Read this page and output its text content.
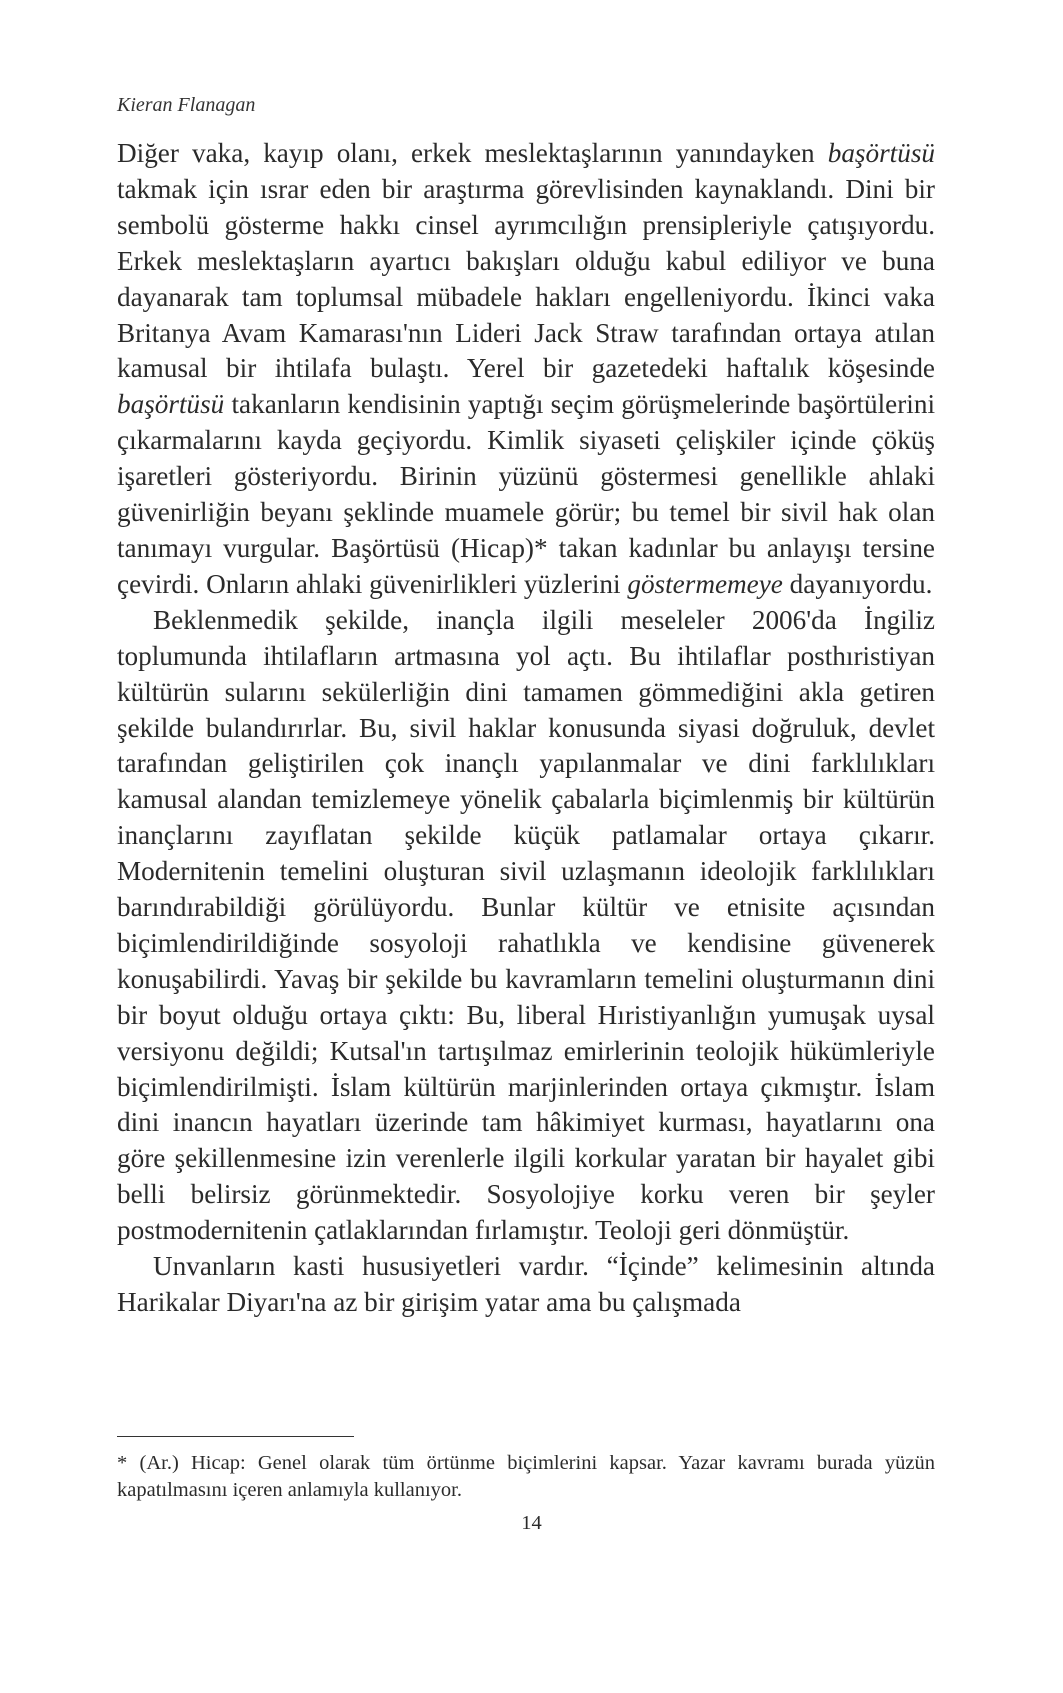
Kieran Flanagan

Diğer vaka, kayıp olanı, erkek meslektaşlarının yanındayken başörtüsü takmak için ısrar eden bir araştırma görevlisinden kaynaklandı. Dini bir sembolü gösterme hakkı cinsel ayrımcılığın prensipleriyle çatışıyordu. Erkek meslektaşların ayartıcı bakışları olduğu kabul ediliyor ve buna dayanarak tam toplumsal mübadele hakları engelleniyordu. İkinci vaka Britanya Avam Kamarası'nın Lideri Jack Straw tarafından ortaya atılan kamusal bir ihtilafa bulaştı. Yerel bir gazetedeki haftalık köşesinde başörtüsü takanların kendisinin yaptığı seçim görüşmelerinde başörtülerini çıkarmalarını kayda geçiyordu. Kimlik siyaseti çelişkiler içinde çöküş işaretleri gösteriyordu. Birinin yüzünü göstermesi genellikle ahlaki güvenirliğin beyanı şeklinde muamele görür; bu temel bir sivil hak olan tanımayı vurgular. Başörtüsü (Hicap)* takan kadınlar bu anlayışı tersine çevirdi. Onların ahlaki güvenirlikleri yüzlerini göstermemeye dayanıyordu.

Beklenmedik şekilde, inançla ilgili meseleler 2006'da İngiliz toplumunda ihtilafların artmasına yol açtı. Bu ihtilaflar posthıristiyan kültürün sularını sekülerliğin dini tamamen gömmediğini akla getiren şekilde bulandırırlar. Bu, sivil haklar konusunda siyasi doğruluk, devlet tarafından geliştirilen çok inançlı yapılanmalar ve dini farklılıkları kamusal alandan temizlemeye yönelik çabalarla biçimlenmiş bir kültürün inançlarını zayıflatan şekilde küçük patlamalar ortaya çıkarır. Modernitenin temelini oluşturan sivil uzlaşmanın ideolojik farklılıkları barındırabildiği görülüyordu. Bunlar kültür ve etnisite açısından biçimlendirildiğinde sosyoloji rahatlıkla ve kendisine güvenerek konuşabilirdi. Yavaş bir şekilde bu kavramların temelini oluşturmanın dini bir boyut olduğu ortaya çıktı: Bu, liberal Hıristiyanlığın yumuşak uysal versiyonu değildi; Kutsal'ın tartışılmaz emirlerinin teolojik hükümleriyle biçimlendirilmişti. İslam kültürün marjinlerinden ortaya çıkmıştır. İslam dini inancın hayatları üzerinde tam hâkimiyet kurması, hayatlarını ona göre şekillenmesine izin verenlerle ilgili korkular yaratan bir hayalet gibi belli belirsiz görünmektedir. Sosyolojiye korku veren bir şeyler postmodernitenin çatlaklarından fırlamıştır. Teoloji geri dönmüştür.

Unvanların kasti hususiyetleri vardır. “İçinde” kelimesinin altında Harikalar Diyarı'na az bir girişim yatar ama bu çalışmada

* (Ar.) Hicap: Genel olarak tüm örtünme biçimlerini kapsar. Yazar kavramı burada yüzün kapatılmasını içeren anlamıyla kullanıyor.
14
